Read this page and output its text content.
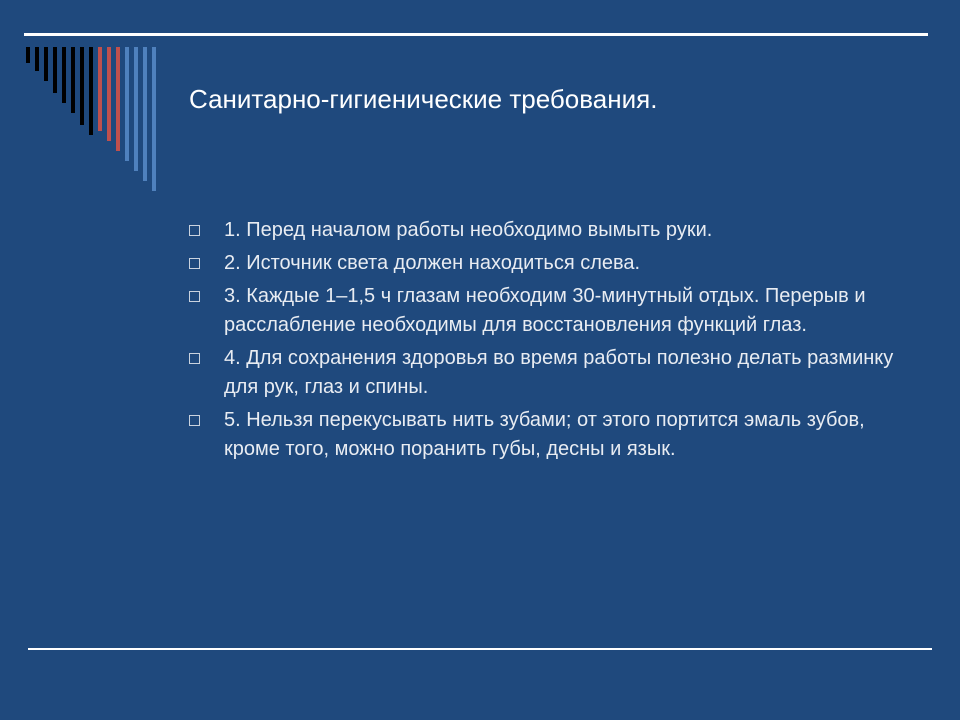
Санитарно-гигиенические требования.
1. Перед началом работы необходимо вымыть руки.
2. Источник света должен находиться слева.
3. Каждые 1–1,5 ч глазам необходим 30-минутный отдых. Перерыв и расслабление необходимы для восстановления функций глаз.
4. Для сохранения здоровья во время работы полезно делать разминку для рук, глаз и спины.
5. Нельзя перекусывать нить зубами; от этого портится эмаль зубов, кроме того, можно поранить губы, десны и язык.
